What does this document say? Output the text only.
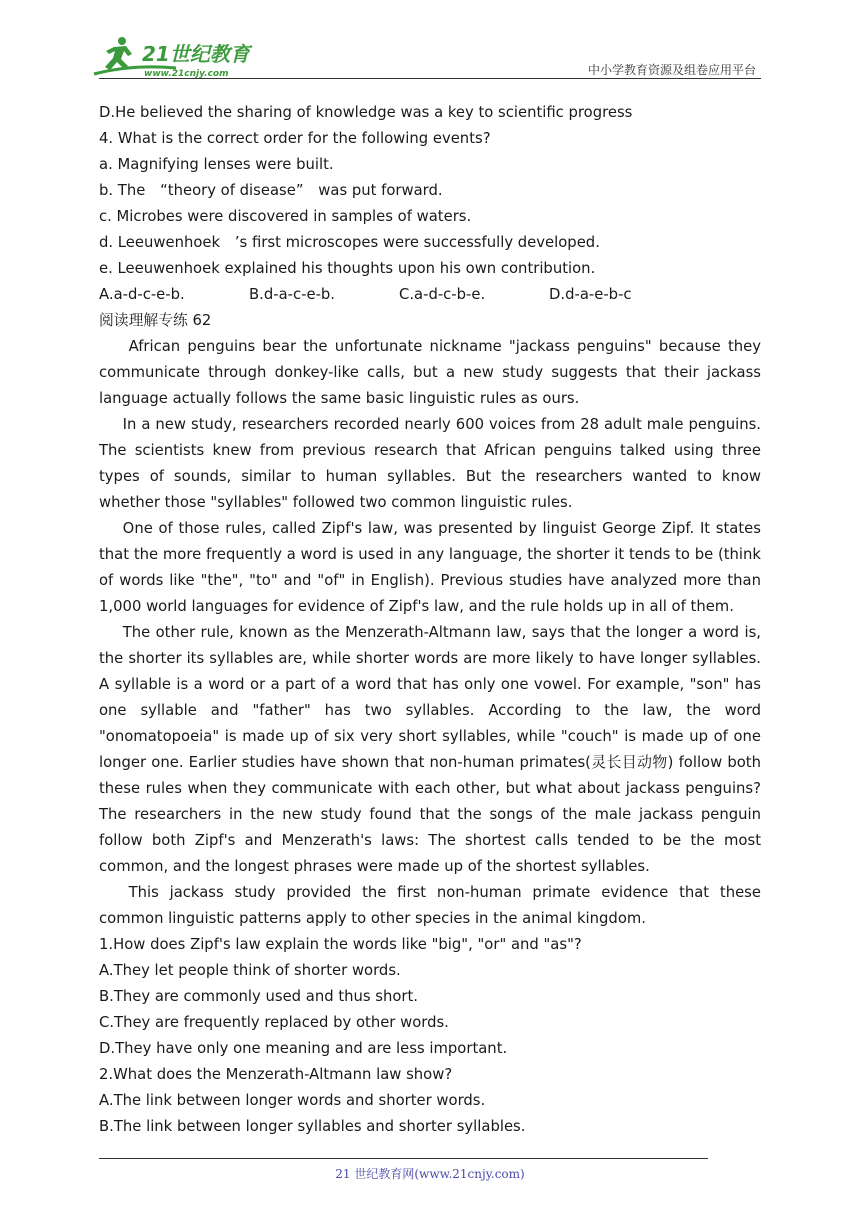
21世纪教育
www.21cnjy.com	中小学教育资源及组卷应用平台

D.He believed the sharing of knowledge was a key to scientific progress

4. What is the correct order for the following events?

a. Magnifying lenses were built.

b. The　“theory of disease”　was put forward.

c. Microbes were discovered in samples of waters.

d. Leeuwenhoek　’s first microscopes were successfully developed.

e. Leeuwenhoek explained his thoughts upon his own contribution.

A.a-d-c-e-b.	B.d-a-c-e-b.	C.a-d-c-b-e.	D.d-a-e-b-c

阅读理解专练 62

African penguins bear the unfortunate nickname "jackass penguins" because they communicate through donkey-like calls, but a new study suggests that their jackass language actually follows the same basic linguistic rules as ours.

In a new study, researchers recorded nearly 600 voices from 28 adult male penguins. The scientists knew from previous research that African penguins talked using three types of sounds, similar to human syllables. But the researchers wanted to know whether those "syllables" followed two common linguistic rules.

One of those rules, called Zipf's law, was presented by linguist George Zipf. It states that the more frequently a word is used in any language, the shorter it tends to be (think of words like "the", "to" and "of" in English). Previous studies have analyzed more than 1,000 world languages for evidence of Zipf's law, and the rule holds up in all of them.

The other rule, known as the Menzerath-Altmann law, says that the longer a word is, the shorter its syllables are, while shorter words are more likely to have longer syllables. A syllable is a word or a part of a word that has only one vowel. For example, "son" has one syllable and "father" has two syllables. According to the law, the word "onomatopoeia" is made up of six very short syllables, while "couch" is made up of one longer one. Earlier studies have shown that non-human primates(灵长目动物) follow both these rules when they communicate with each other, but what about jackass penguins? The researchers in the new study found that the songs of the male jackass penguin follow both Zipf's and Menzerath's laws: The shortest calls tended to be the most common, and the longest phrases were made up of the shortest syllables.

This jackass study provided the first non-human primate evidence that these common linguistic patterns apply to other species in the animal kingdom.

1.How does Zipf's law explain the words like "big", "or" and "as"?

A.They let people think of shorter words.

B.They are commonly used and thus short.

C.They are frequently replaced by other words.

D.They have only one meaning and are less important.

2.What does the Menzerath-Altmann law show?

A.The link between longer words and shorter words.

B.The link between longer syllables and shorter syllables.

21 世纪教育网(www.21cnjy.com)
